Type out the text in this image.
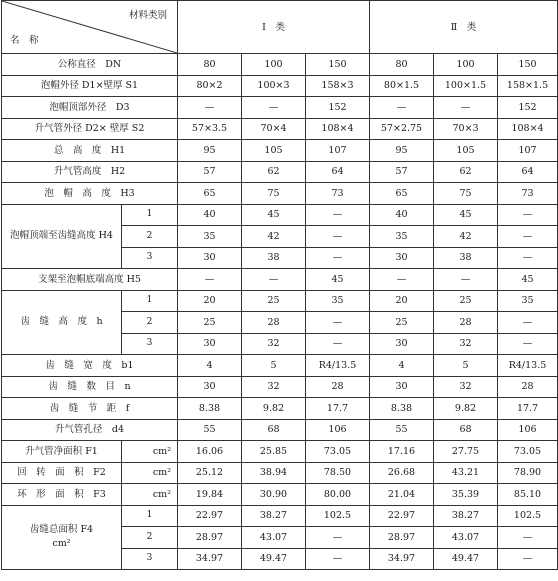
材料类别
名　称		Ⅰ　类			Ⅱ　类		
公称直径　DN		80	100	150	80	100	150
泡帽外径 D1×壁厚 S1		80×2	100×3	158×3	80×1.5	100×1.5	158×1.5
泡帽顶部外径　D3		—	—	152	—	—	152
升气管外径 D2× 壁厚 S2		57×3.5	70×4	108×4	57×2.75	70×3	108×4
总　高　度　H1		95	105	107	95	105	107
升气管高度　H2		57	62	64	57	62	64
泡　帽　高　度　H3		65	75	73	65	75	73
泡帽顶端至齿缝高度 H4	1	40	45	—	40	45	—
	2	35	42	—	35	42	—
	3	30	38	—	30	38	—
支架至泡帽底端高度 H5		—	—	45	—	—	45
齿　缝　高　度　h	1	20	25	35	20	25	35
	2	25	28	—	25	28	—
	3	30	32	—	30	32	—
齿　缝　宽　度　b1		4	5	R4/13.5	4	5	R4/13.5
齿　缝　数　目　n		30	32	28	30	32	28
齿　缝　节　距　f		8.38	9.82	17.7	8.38	9.82	17.7
升气管孔径　d4		55	68	106	55	68	106
升气管净面积 F1	cm²	16.06	25.85	73.05	17.16	27.75	73.05
回　转　面　积　F2	cm²	25.12	38.94	78.50	26.68	43.21	78.90
环　形　面　积　F3	cm²	19.84	30.90	80.00	21.04	35.39	85.10
齿缝总面积 F4
cm²	1	22.97	38.27	102.5	22.97	38.27	102.5
	2	28.97	43.07	—	28.97	43.07	—
	3	34.97	49.47	—	34.97	49.47	—
